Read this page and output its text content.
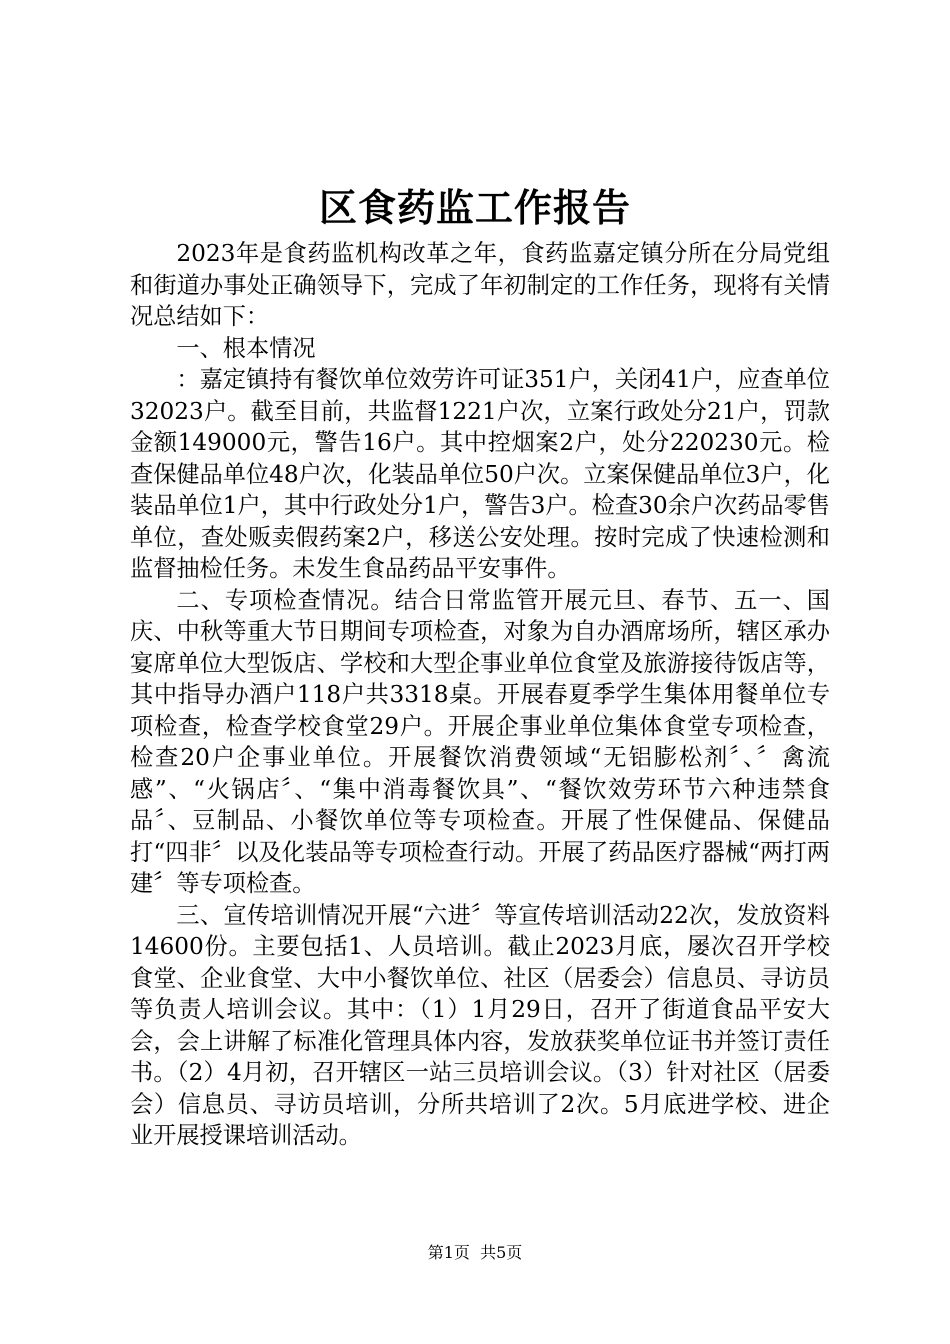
区食药监工作报告

2023年是食药监机构改革之年，食药监嘉定镇分所在分局党组和街道办事处正确领导下，完成了年初制定的工作任务，现将有关情况总结如下：

一、根本情况

：嘉定镇持有餐饮单位效劳许可证351户，关闭41户，应查单位32023户。截至目前，共监督1221户次，立案行政处分21户，罚款金额149000元，警告16户。其中控烟案2户，处分220230元。检查保健品单位48户次，化装品单位50户次。立案保健品单位3户，化装品单位1户，其中行政处分1户，警告3户。检查30余户次药品零售单位，查处贩卖假药案2户，移送公安处理。按时完成了快速检测和监督抽检任务。未发生食品药品平安事件。

二、专项检查情况。结合日常监管开展元旦、春节、五一、国庆、中秋等重大节日期间专项检查，对象为自办酒席场所，辖区承办宴席单位大型饭店、学校和大型企事业单位食堂及旅游接待饭店等，其中指导办酒户118户共3318桌。开展春夏季学生集体用餐单位专项检查，检查学校食堂29户。开展企事业单位集体食堂专项检查，检查20户企事业单位。开展餐饮消费领域“无铝膨松剂〞、〞禽流感”、“火锅店〞、“集中消毒餐饮具”、“餐饮效劳环节六种违禁食品〞、豆制品、小餐饮单位等专项检查。开展了性保健品、保健品打“四非〞以及化装品等专项检查行动。开展了药品医疗器械“两打两建〞等专项检查。

三、宣传培训情况开展“六进〞等宣传培训活动22次，发放资料14600份。主要包括1、人员培训。截止2023月底，屡次召开学校食堂、企业食堂、大中小餐饮单位、社区（居委会）信息员、寻访员等负责人培训会议。其中：（1）1月29日，召开了街道食品平安大会，会上讲解了标准化管理具体内容，发放获奖单位证书并签订责任书。（2）4月初，召开辖区一站三员培训会议。（3）针对社区（居委会）信息员、寻访员培训，分所共培训了2次。5月底进学校、进企业开展授课培训活动。

第1页  共5页
